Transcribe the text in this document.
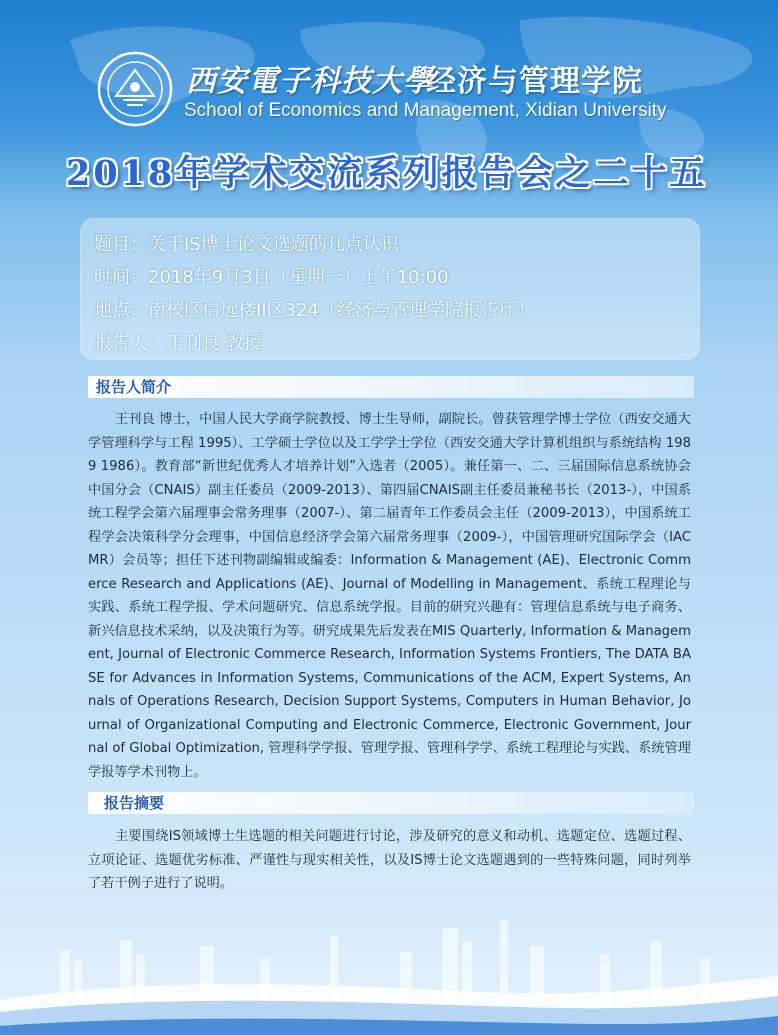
西安電子科技大學
经济与管理学院
School of Economics and Management, Xidian University
2018年学术交流系列报告会之二十五
题目：关于IS博士论文选题的几点认识
时间：2018年9月3日（星期一）上午10:00
地点：南校区信远楼II区324（经济与管理学院报告厅）
报告人：王刊良 教授
报告人简介

王刊良 博士，中国人民大学商学院教授、博士生导师，副院长。曾获管理学博士学位（西安交通大学管理科学与工程 1995）、工学硕士学位以及工学学士学位（西安交通大学计算机组织与系统结构 1989 1986）。教育部“新世纪优秀人才培养计划”入选者（2005）。兼任第一、二、三届国际信息系统协会中国分会（CNAIS）副主任委员（2009-2013）、第四届CNAIS副主任委员兼秘书长（2013-），中国系统工程学会第六届理事会常务理事（2007-）、第二届青年工作委员会主任（2009-2013），中国系统工程学会决策科学分会理事，中国信息经济学会第六届常务理事（2009-），中国管理研究国际学会（IACMR）会员等；担任下述刊物副编辑或编委：Information & Management (AE)、Electronic Commerce Research and Applications (AE)、Journal of Modelling in Management、系统工程理论与实践、系统工程学报、学术问题研究、信息系统学报。目前的研究兴趣有：管理信息系统与电子商务、新兴信息技术采纳，以及决策行为等。研究成果先后发表在MIS Quarterly, Information & Management, Journal of Electronic Commerce Research, Information Systems Frontiers, The DATA BASE for Advances in Information Systems, Communications of the ACM, Expert Systems, Annals of Operations Research, Decision Support Systems, Computers in Human Behavior, Journal of Organizational Computing and Electronic Commerce, Electronic Government, Journal of Global Optimization, 管理科学学报、管理学报、管理科学学、系统工程理论与实践、系统管理学报等学术刊物上。

报告摘要

主要围绕IS领域博士生选题的相关问题进行讨论，涉及研究的意义和动机、选题定位、选题过程、立项论证、选题优劣标准、严谨性与现实相关性，以及IS博士论文选题遇到的一些特殊问题，同时列举了若干例子进行了说明。
